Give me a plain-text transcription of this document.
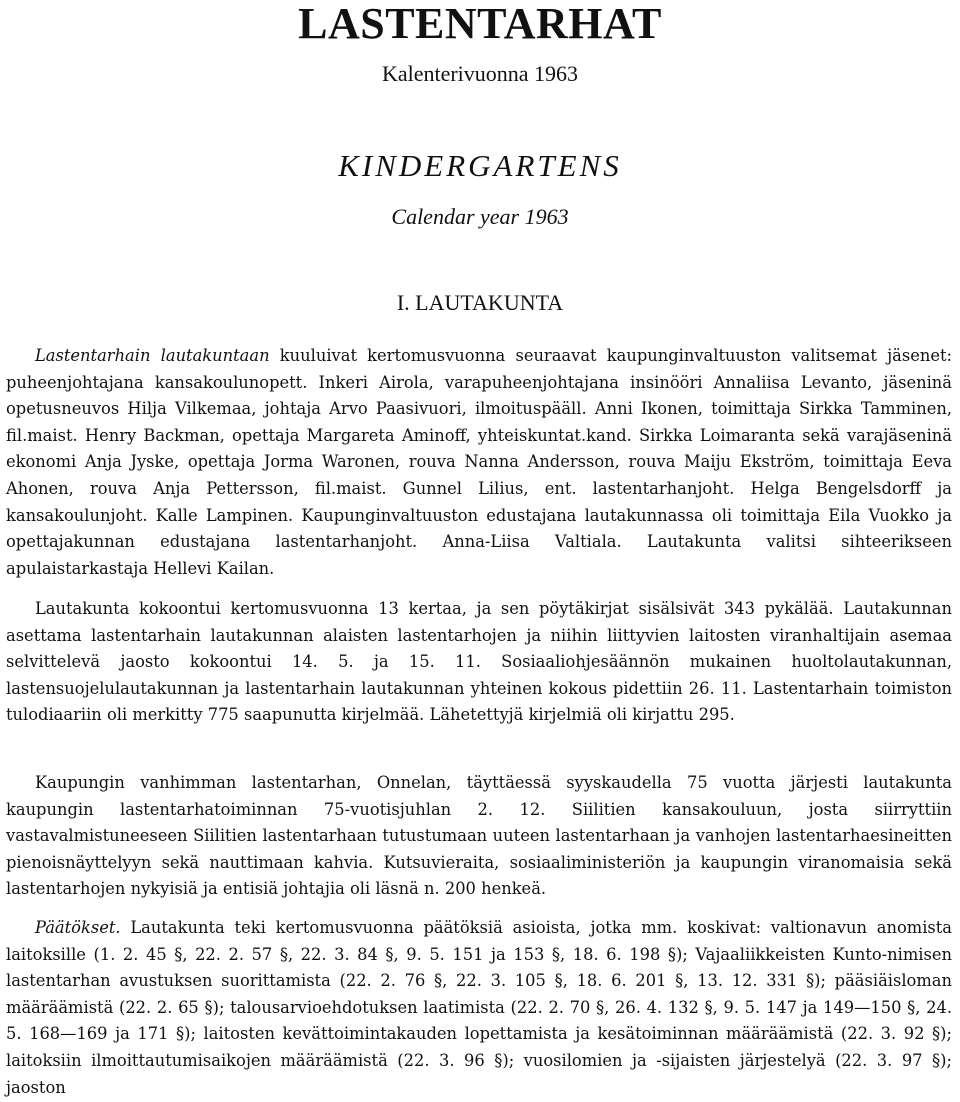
LASTENTARHAT
Kalenterivuonna 1963
KINDERGARTENS
Calendar year 1963
I. LAUTAKUNTA

Lastentarhain lautakuntaan kuuluivat kertomusvuonna seuraavat kaupunginvaltuuston valitsemat jäsenet: puheenjohtajana kansakoulunopett. Inkeri Airola, varapuheenjohtajana insinööri Annaliisa Levanto, jäseninä opetusneuvos Hilja Vilkemaa, johtaja Arvo Paasivuori, ilmoituspääll. Anni Ikonen, toimittaja Sirkka Tamminen, fil.maist. Henry Backman, opettaja Margareta Aminoff, yhteiskuntat.kand. Sirkka Loimaranta sekä varajäseninä ekonomi Anja Jyske, opettaja Jorma Waronen, rouva Nanna Andersson, rouva Maiju Ekström, toimittaja Eeva Ahonen, rouva Anja Pettersson, fil.maist. Gunnel Lilius, ent. lastentarhanjoht. Helga Bengelsdorff ja kansakoulunjoht. Kalle Lampinen. Kaupunginvaltuuston edustajana lautakunnassa oli toimittaja Eila Vuokko ja opettajakunnan edustajana lastentarhanjoht. Anna-Liisa Valtiala. Lautakunta valitsi sihteerikseen apulaistarkastaja Hellevi Kailan.

Lautakunta kokoontui kertomusvuonna 13 kertaa, ja sen pöytäkirjat sisälsivät 343 pykälää. Lautakunnan asettama lastentarhain lautakunnan alaisten lastentarhojen ja niihin liittyvien laitosten viranhaltijain asemaa selvittelevä jaosto kokoontui 14. 5. ja 15. 11. Sosiaaliohjesäännön mukainen huoltolautakunnan, lastensuojelulautakunnan ja lastentarhain lautakunnan yhteinen kokous pidettiin 26. 11. Lastentarhain toimiston tulodiaariin oli merkitty 775 saapunutta kirjelmää. Lähetettyjä kirjelmiä oli kirjattu 295.

Kaupungin vanhimman lastentarhan, Onnelan, täyttäessä syyskaudella 75 vuotta järjesti lautakunta kaupungin lastentarhatoiminnan 75-vuotisjuhlan 2. 12. Siilitien kansakouluun, josta siirryttiin vastavalmistuneeseen Siilitien lastentarhaan tutustumaan uuteen lastentarhaan ja vanhojen lastentarhaesineitten pienoisnäyttelyyn sekä nauttimaan kahvia. Kutsuvieraita, sosiaaliministeriön ja kaupungin viranomaisia sekä lastentarhojen nykyisiä ja entisiä johtajia oli läsnä n. 200 henkeä.

Päätökset. Lautakunta teki kertomusvuonna päätöksiä asioista, jotka mm. koskivat: valtionavun anomista laitoksille (1. 2. 45 §, 22. 2. 57 §, 22. 3. 84 §, 9. 5. 151 ja 153 §, 18. 6. 198 §); Vajaaliikkeisten Kunto-nimisen lastentarhan avustuksen suorittamista (22. 2. 76 §, 22. 3. 105 §, 18. 6. 201 §, 13. 12. 331 §); pääsiäisloman määräämistä (22. 2. 65 §); talousarvioehdotuksen laatimista (22. 2. 70 §, 26. 4. 132 §, 9. 5. 147 ja 149—150 §, 24. 5. 168—169 ja 171 §); laitosten kevättoimintakauden lopettamista ja kesätoiminnan määräämistä (22. 3. 92 §); laitoksiin ilmoittautumisaikojen määräämistä (22. 3. 96 §); vuosilomien ja -sijaisten järjestelyä (22. 3. 97 §); jaoston
